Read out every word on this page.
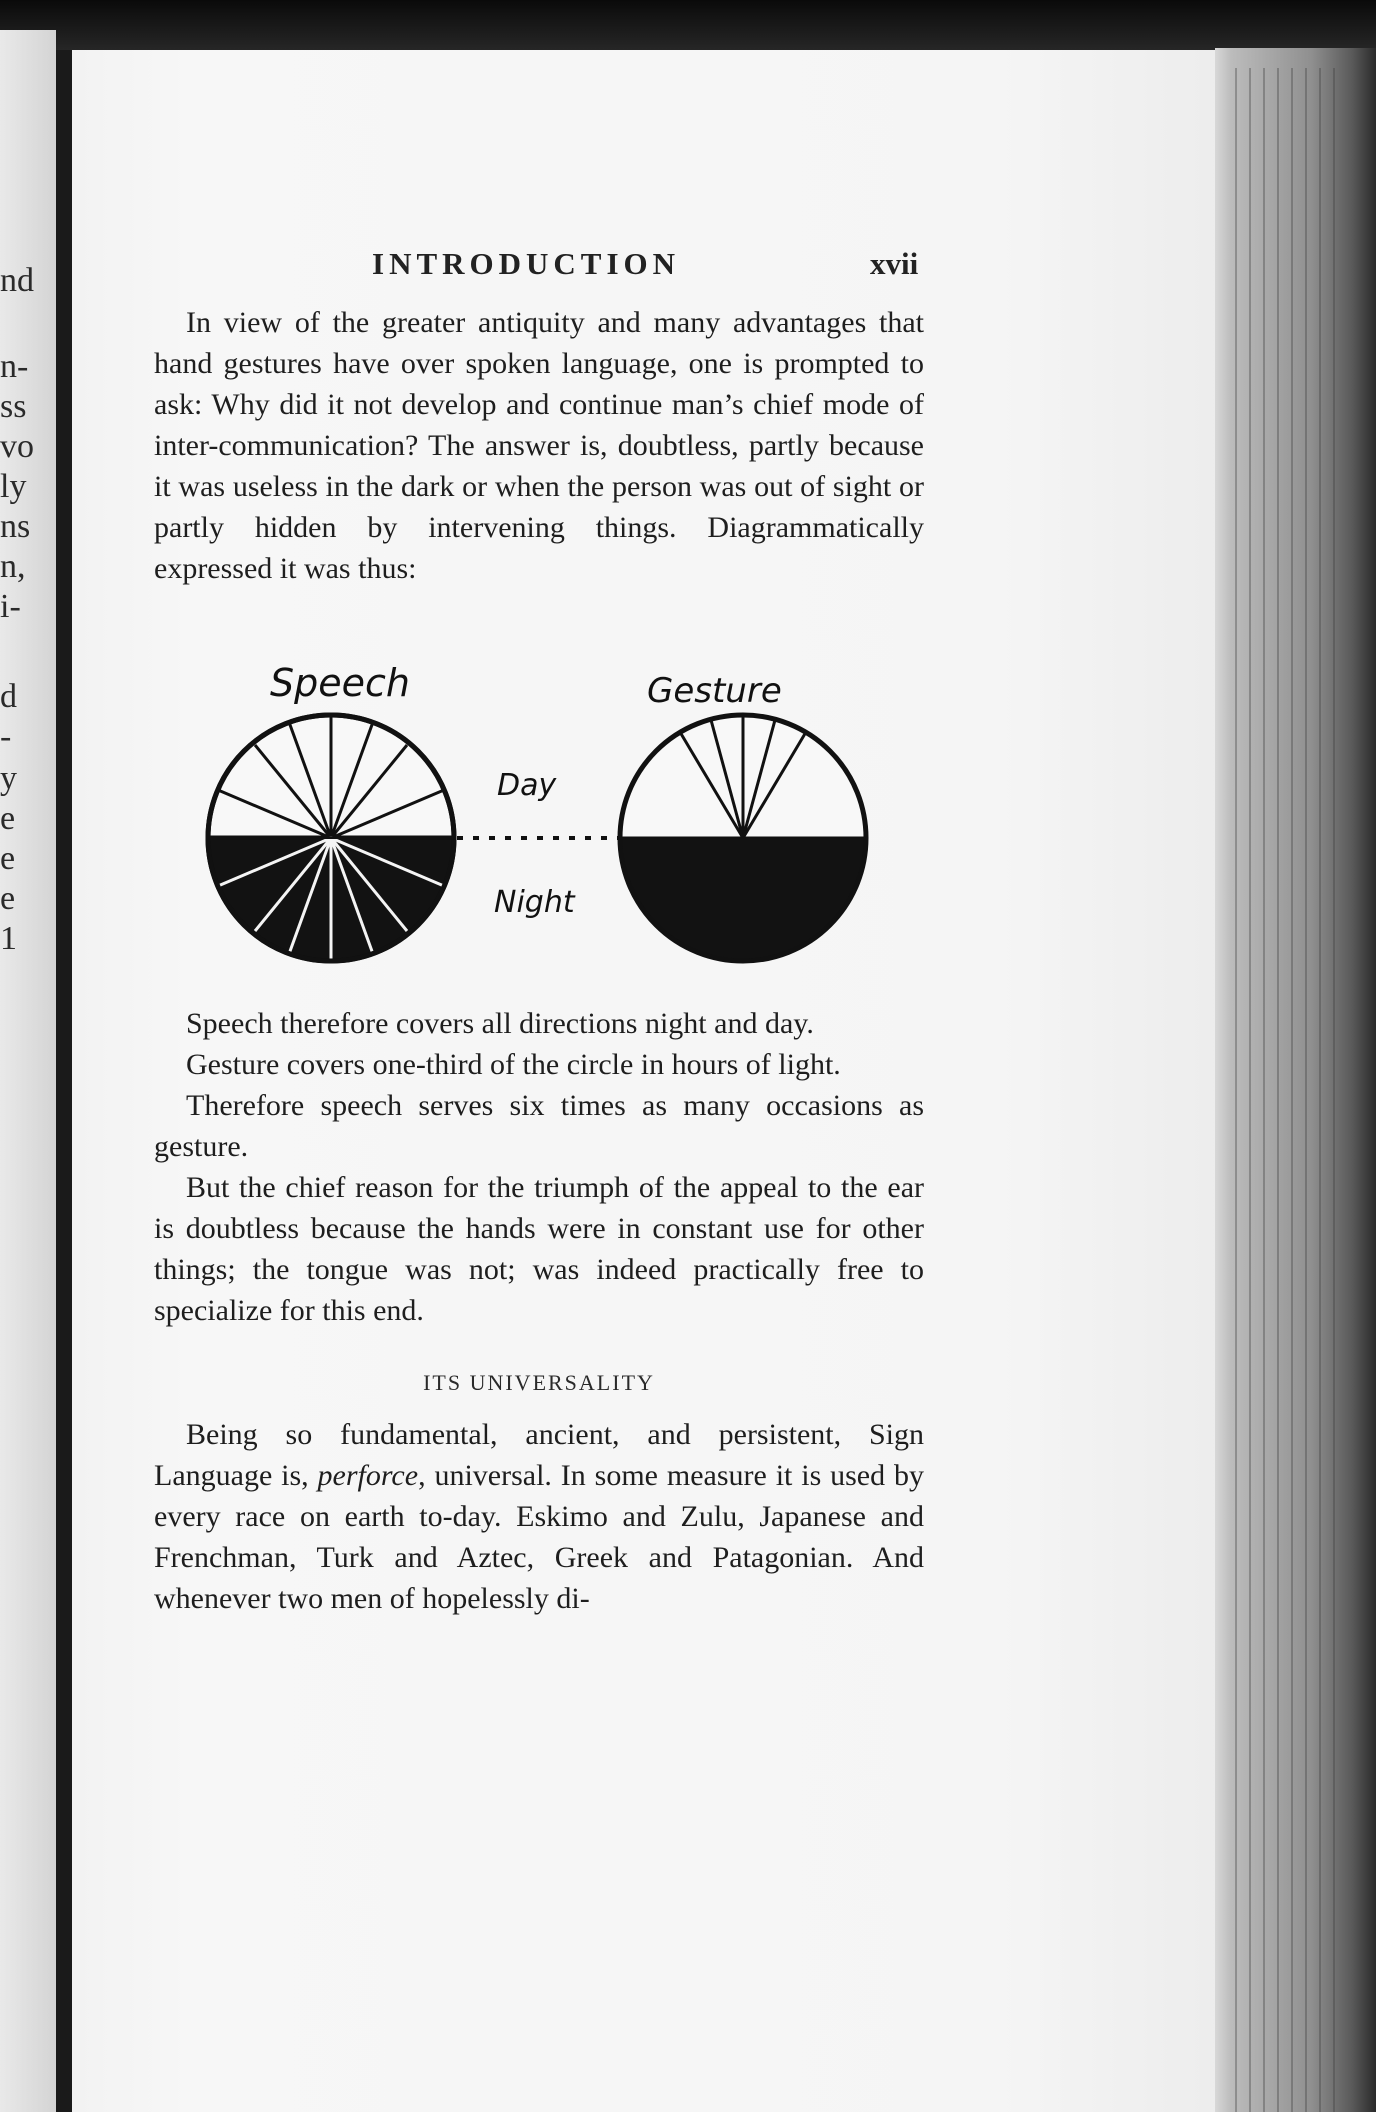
nd
n-
ss
vo
ly
ns
n,
i-
d
-
y
e
e
e
1
INTRODUCTION	xvii
In view of the greater antiquity and many advantages that hand gestures have over spoken language, one is prompted to ask: Why did it not develop and continue man’s chief mode of inter-communication? The answer is, doubtless, partly because it was useless in the dark or when the person was out of sight or partly hidden by intervening things. Diagrammatically expressed it was thus:
Speech	Gesture
Day
Night
Speech therefore covers all directions night and day.
Gesture covers one-third of the circle in hours of light.
Therefore speech serves six times as many occasions as gesture.
But the chief reason for the triumph of the appeal to the ear is doubtless because the hands were in constant use for other things; the tongue was not; was indeed practically free to specialize for this end.
ITS UNIVERSALITY
Being so fundamental, ancient, and persistent, Sign Language is, perforce, universal. In some measure it is used by every race on earth to-day. Eskimo and Zulu, Japanese and Frenchman, Turk and Aztec, Greek and Patagonian. And whenever two men of hopelessly di-
